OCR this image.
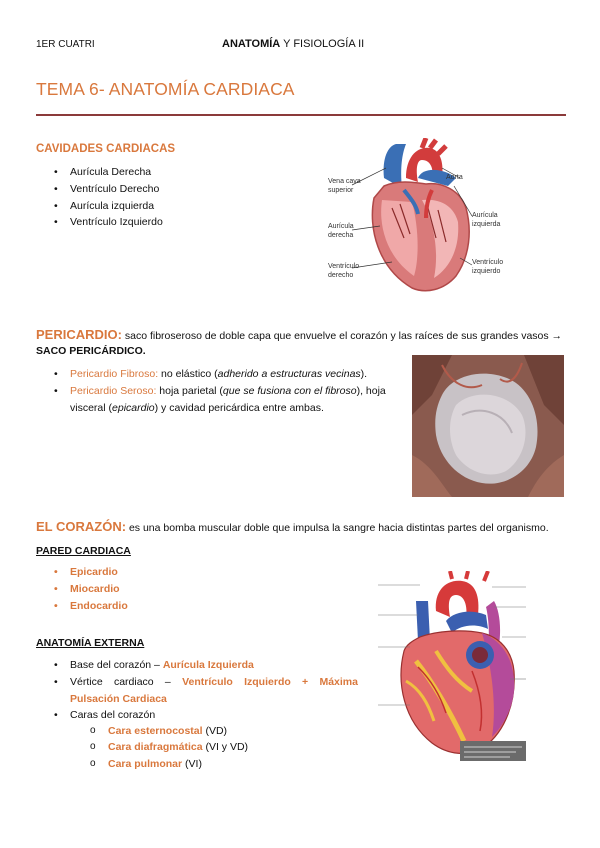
1ER CUATRI	ANATOMÍA Y FISIOLOGÍA II
TEMA 6- ANATOMÍA CARDIACA
CAVIDADES CARDIACAS
• Aurícula Derecha
• Ventrículo Derecho
• Aurícula izquierda
• Ventrículo Izquierdo
Vena cava
superior
Aorta
Aurícula
izquierda
Aurícula
derecha
Ventrículo
izquierdo
Ventrículo
derecho
PERICARDIO: saco fibroseroso de doble capa que envuelve el corazón y las raíces de sus grandes vasos → SACO PERICÁRDICO.
• Pericardio Fibroso: no elástico (adherido a estructuras vecinas).
• Pericardio Seroso: hoja parietal (que se fusiona con el fibroso), hoja visceral (epicardio) y cavidad pericárdica entre ambas.
EL CORAZÓN: es una bomba muscular doble que impulsa la sangre hacia distintas partes del organismo.
PARED CARDIACA
• Epicardio
• Miocardio
• Endocardio
ANATOMÍA EXTERNA
• Base del corazón – Aurícula Izquierda
• Vértice cardiaco – Ventrículo Izquierdo + Máxima Pulsación Cardiaca
• Caras del corazón
o Cara esternocostal (VD)
o Cara diafragmática (VI y VD)
o Cara pulmonar (VI)
